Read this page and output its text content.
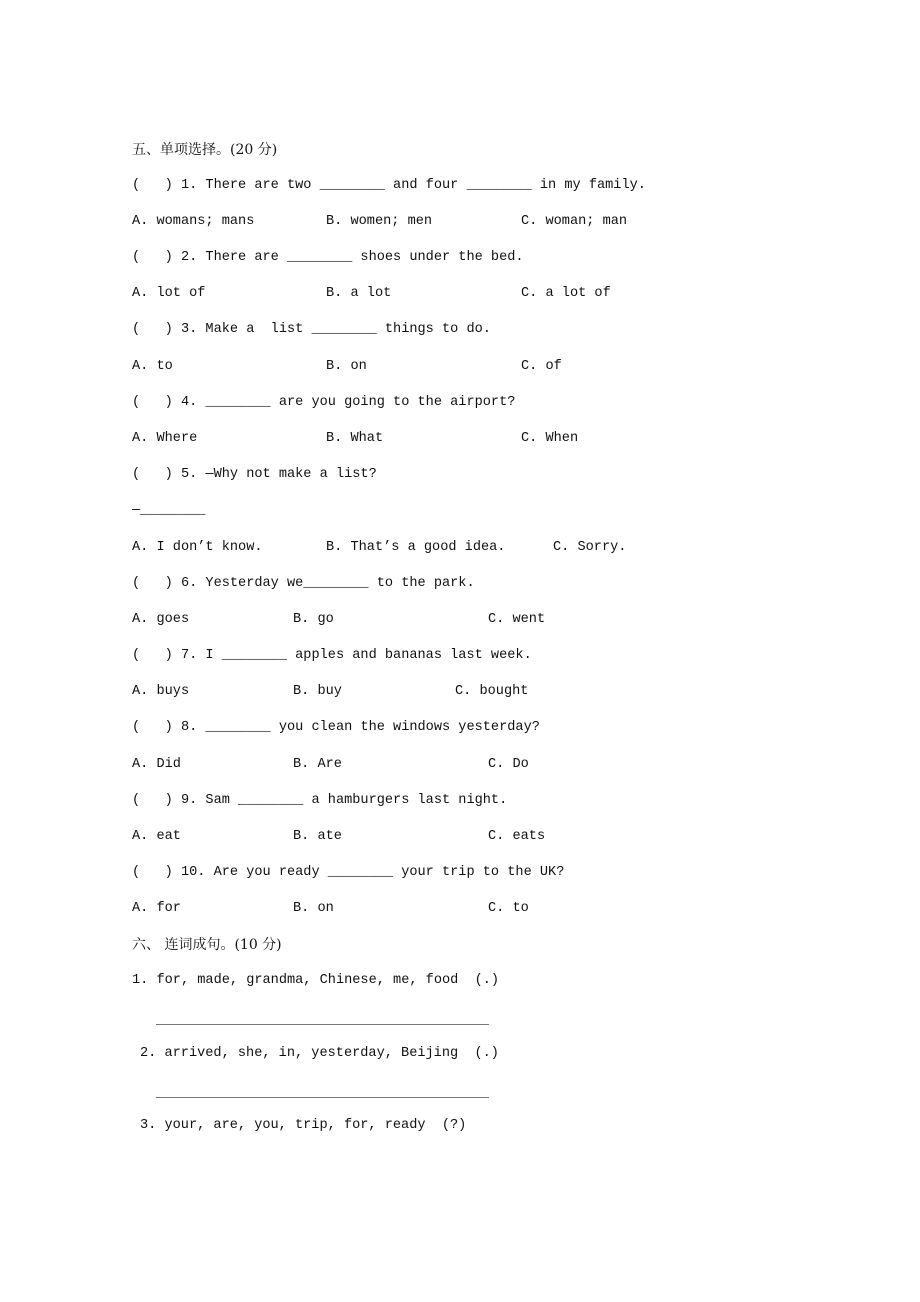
五、单项选择。(20 分)
(   ) 1. There are two ________ and four ________ in my family.
A. womans; mans	B. women; men	C. woman; man
(   ) 2. There are ________ shoes under the bed.
A. lot of	B. a lot	C. a lot of
(   ) 3. Make a  list ________ things to do.
A. to	B. on	C. of
(   ) 4. ________ are you going to the airport?
A. Where	B. What	C. When
(   ) 5. —Why not make a list?
—________
A. I don’t know.	B. That’s a good idea.	C. Sorry.
(   ) 6. Yesterday we________ to the park.
A. goes	B. go	C. went
(   ) 7. I ________ apples and bananas last week.
A. buys	B. buy	C. bought
(   ) 8. ________ you clean the windows yesterday?
A. Did	B. Are	C. Do
(   ) 9. Sam ________ a hamburgers last night.
A. eat	B. ate	C. eats
(   ) 10. Are you ready ________ your trip to the UK?
A. for	B. on	C. to
六、 连词成句。(10 分)
1. for, made, grandma, Chinese, me, food  (.)
2. arrived, she, in, yesterday, Beijing  (.)
3. your, are, you, trip, for, ready  (?)
